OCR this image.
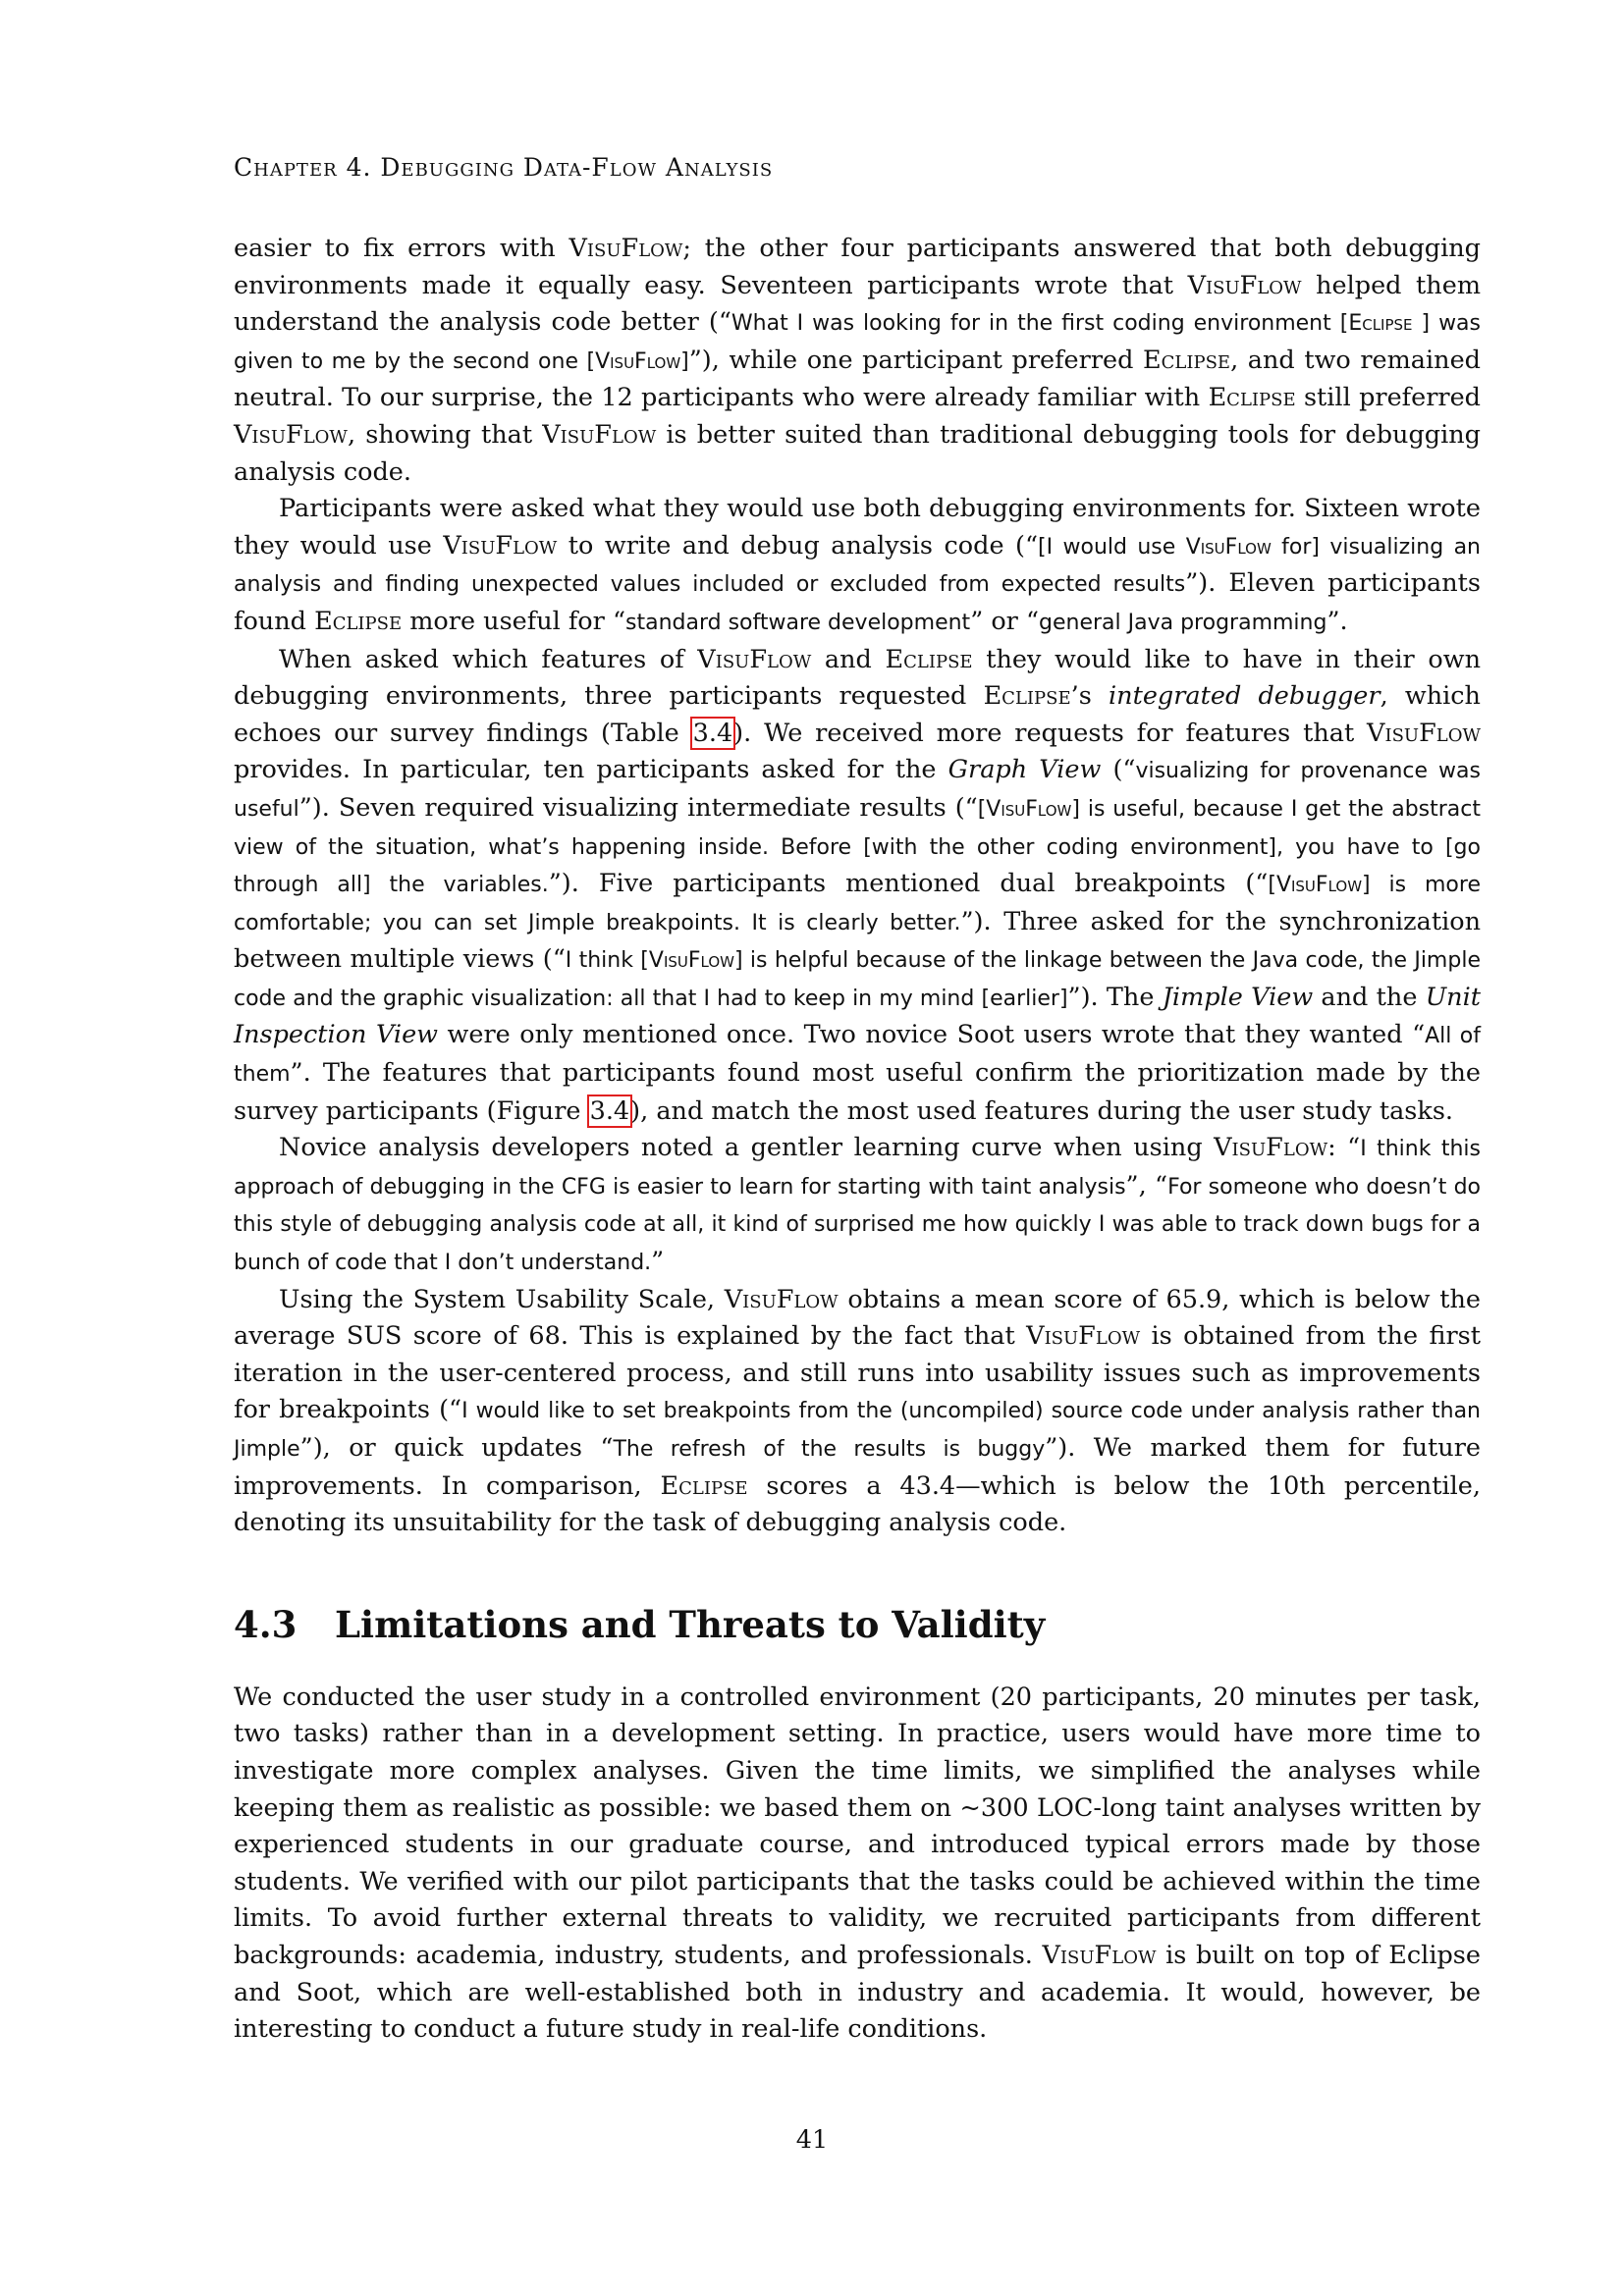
Chapter 4. Debugging Data-Flow Analysis

easier to fix errors with VisuFlow; the other four participants answered that both debugging environments made it equally easy. Seventeen participants wrote that VisuFlow helped them understand the analysis code better (“What I was looking for in the first coding environment [Eclipse ] was given to me by the second one [VisuFlow]”), while one participant preferred Eclipse, and two remained neutral. To our surprise, the 12 participants who were already familiar with Eclipse still preferred VisuFlow, showing that VisuFlow is better suited than traditional debugging tools for debugging analysis code.

Participants were asked what they would use both debugging environments for. Sixteen wrote they would use VisuFlow to write and debug analysis code (“[I would use VisuFlow for] visualizing an analysis and finding unexpected values included or excluded from expected results”). Eleven participants found Eclipse more useful for “standard software development” or “general Java programming”.

When asked which features of VisuFlow and Eclipse they would like to have in their own debugging environments, three participants requested Eclipse’s integrated debugger, which echoes our survey findings (Table 3.4). We received more requests for features that VisuFlow provides. In particular, ten participants asked for the Graph View (“visualizing for provenance was useful”). Seven required visualizing intermediate results (“[VisuFlow] is useful, because I get the abstract view of the situation, what’s happening inside. Before [with the other coding environment], you have to [go through all] the variables.”). Five participants mentioned dual breakpoints (“[VisuFlow] is more comfortable; you can set Jimple breakpoints. It is clearly better.”). Three asked for the synchronization between multiple views (“I think [VisuFlow] is helpful because of the linkage between the Java code, the Jimple code and the graphic visualization: all that I had to keep in my mind [earlier]”). The Jimple View and the Unit Inspection View were only mentioned once. Two novice Soot users wrote that they wanted “All of them”. The features that participants found most useful confirm the prioritization made by the survey participants (Figure 3.4), and match the most used features during the user study tasks.

Novice analysis developers noted a gentler learning curve when using VisuFlow: “I think this approach of debugging in the CFG is easier to learn for starting with taint analysis”, “For someone who doesn’t do this style of debugging analysis code at all, it kind of surprised me how quickly I was able to track down bugs for a bunch of code that I don’t understand.”

Using the System Usability Scale, VisuFlow obtains a mean score of 65.9, which is below the average SUS score of 68. This is explained by the fact that VisuFlow is obtained from the first iteration in the user-centered process, and still runs into usability issues such as improvements for breakpoints (“I would like to set breakpoints from the (uncompiled) source code under analysis rather than Jimple”), or quick updates “The refresh of the results is buggy”). We marked them for future improvements. In comparison, Eclipse scores a 43.4—which is below the 10th percentile, denoting its unsuitability for the task of debugging analysis code.

4.3 Limitations and Threats to Validity

We conducted the user study in a controlled environment (20 participants, 20 minutes per task, two tasks) rather than in a development setting. In practice, users would have more time to investigate more complex analyses. Given the time limits, we simplified the analyses while keeping them as realistic as possible: we based them on ~300 LOC-long taint analyses written by experienced students in our graduate course, and introduced typical errors made by those students. We verified with our pilot participants that the tasks could be achieved within the time limits. To avoid further external threats to validity, we recruited participants from different backgrounds: academia, industry, students, and professionals. VisuFlow is built on top of Eclipse and Soot, which are well-established both in industry and academia. It would, however, be interesting to conduct a future study in real-life conditions.

41
